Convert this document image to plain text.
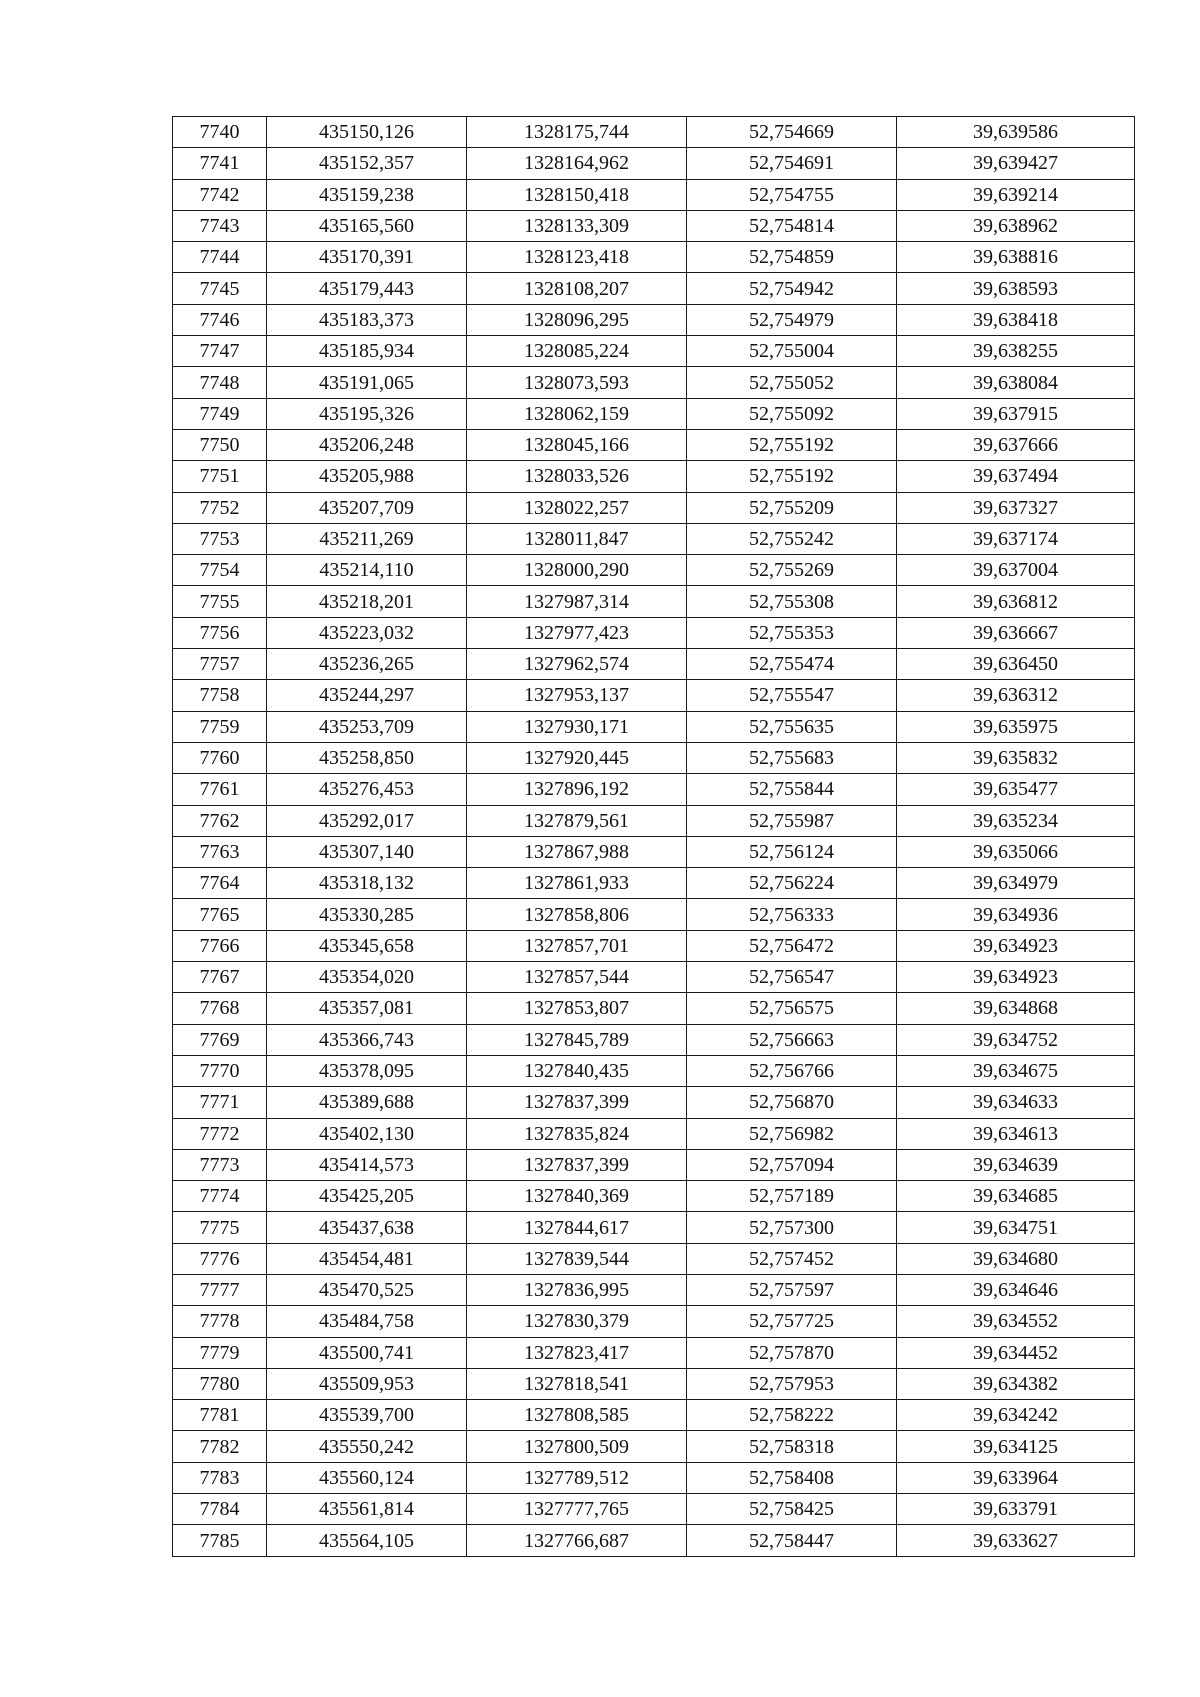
7740	435150,126	1328175,744	52,754669	39,639586
7741	435152,357	1328164,962	52,754691	39,639427
7742	435159,238	1328150,418	52,754755	39,639214
7743	435165,560	1328133,309	52,754814	39,638962
7744	435170,391	1328123,418	52,754859	39,638816
7745	435179,443	1328108,207	52,754942	39,638593
7746	435183,373	1328096,295	52,754979	39,638418
7747	435185,934	1328085,224	52,755004	39,638255
7748	435191,065	1328073,593	52,755052	39,638084
7749	435195,326	1328062,159	52,755092	39,637915
7750	435206,248	1328045,166	52,755192	39,637666
7751	435205,988	1328033,526	52,755192	39,637494
7752	435207,709	1328022,257	52,755209	39,637327
7753	435211,269	1328011,847	52,755242	39,637174
7754	435214,110	1328000,290	52,755269	39,637004
7755	435218,201	1327987,314	52,755308	39,636812
7756	435223,032	1327977,423	52,755353	39,636667
7757	435236,265	1327962,574	52,755474	39,636450
7758	435244,297	1327953,137	52,755547	39,636312
7759	435253,709	1327930,171	52,755635	39,635975
7760	435258,850	1327920,445	52,755683	39,635832
7761	435276,453	1327896,192	52,755844	39,635477
7762	435292,017	1327879,561	52,755987	39,635234
7763	435307,140	1327867,988	52,756124	39,635066
7764	435318,132	1327861,933	52,756224	39,634979
7765	435330,285	1327858,806	52,756333	39,634936
7766	435345,658	1327857,701	52,756472	39,634923
7767	435354,020	1327857,544	52,756547	39,634923
7768	435357,081	1327853,807	52,756575	39,634868
7769	435366,743	1327845,789	52,756663	39,634752
7770	435378,095	1327840,435	52,756766	39,634675
7771	435389,688	1327837,399	52,756870	39,634633
7772	435402,130	1327835,824	52,756982	39,634613
7773	435414,573	1327837,399	52,757094	39,634639
7774	435425,205	1327840,369	52,757189	39,634685
7775	435437,638	1327844,617	52,757300	39,634751
7776	435454,481	1327839,544	52,757452	39,634680
7777	435470,525	1327836,995	52,757597	39,634646
7778	435484,758	1327830,379	52,757725	39,634552
7779	435500,741	1327823,417	52,757870	39,634452
7780	435509,953	1327818,541	52,757953	39,634382
7781	435539,700	1327808,585	52,758222	39,634242
7782	435550,242	1327800,509	52,758318	39,634125
7783	435560,124	1327789,512	52,758408	39,633964
7784	435561,814	1327777,765	52,758425	39,633791
7785	435564,105	1327766,687	52,758447	39,633627
